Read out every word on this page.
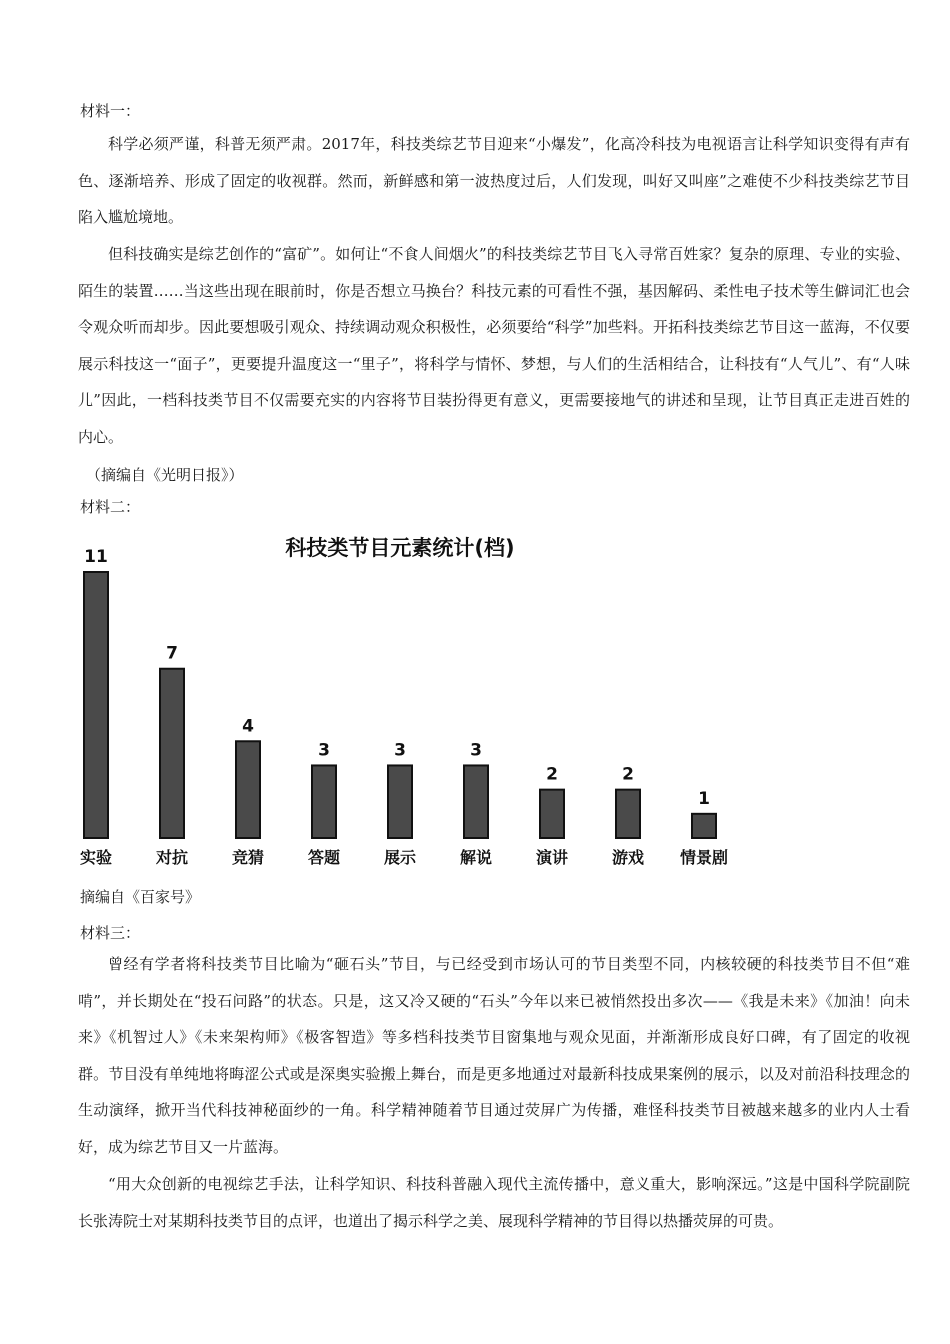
材料一：

科学必须严谨，科普无须严肃。2017年，科技类综艺节目迎来“小爆发”，化高冷科技为电视语言让科学知识变得有声有色、逐渐培养、形成了固定的收视群。然而，新鲜感和第一波热度过后，人们发现，叫好又叫座”之难使不少科技类综艺节目陷入尴尬境地。

但科技确实是综艺创作的“富矿”。如何让“不食人间烟火”的科技类综艺节目飞入寻常百姓家？复杂的原理、专业的实验、陌生的装置……当这些出现在眼前时，你是否想立马换台？科技元素的可看性不强，基因解码、柔性电子技术等生僻词汇也会令观众听而却步。因此要想吸引观众、持续调动观众积极性，必须要给“科学”加些料。开拓科技类综艺节目这一蓝海，不仅要展示科技这一“面子”，更要提升温度这一“里子”，将科学与情怀、梦想，与人们的生活相结合，让科技有“人气儿”、有“人味儿”因此，一档科技类节目不仅需要充实的内容将节目装扮得更有意义，更需要接地气的讲述和呈现，让节目真正走进百姓的内心。

（摘编自《光明日报》）
材料二：
科技类节目元素统计(档)
11
实验
7
对抗
4
竞猜
3
答题
3
展示
3
解说
2
演讲
2
游戏
1
情景剧
摘编自《百家号》
材料三：

曾经有学者将科技类节目比喻为“砸石头”节目，与已经受到市场认可的节目类型不同，内核较硬的科技类节目不但“难啃”，并长期处在“投石问路”的状态。只是，这又冷又硬的“石头”今年以来已被悄然投出多次——《我是未来》《加油！向未来》《机智过人》《未来架构师》《极客智造》等多档科技类节目窗集地与观众见面，并渐渐形成良好口碑，有了固定的收视群。节目没有单纯地将晦涩公式或是深奥实验搬上舞台，而是更多地通过对最新科技成果案例的展示，以及对前沿科技理念的生动演绎，掀开当代科技神秘面纱的一角。科学精神随着节目通过荧屏广为传播，难怪科技类节目被越来越多的业内人士看好，成为综艺节目又一片蓝海。

“用大众创新的电视综艺手法，让科学知识、科技科普融入现代主流传播中，意义重大，影响深远。”这是中国科学院副院长张涛院士对某期科技类节目的点评，也道出了揭示科学之美、展现科学精神的节目得以热播荧屏的可贵。
